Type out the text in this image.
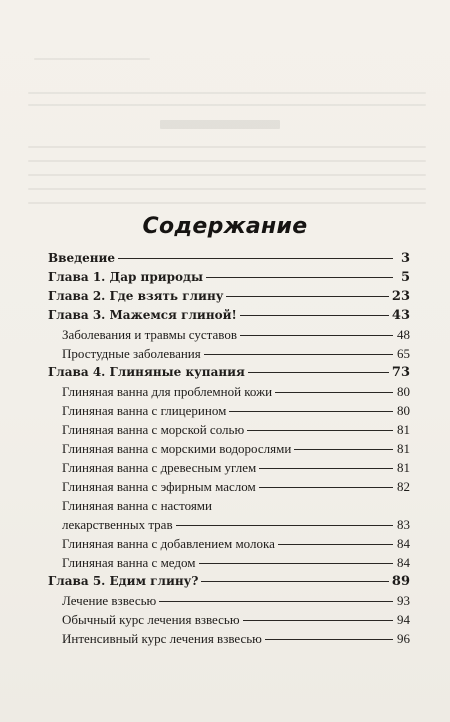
Содержание
Введение	3
Глава 1. Дар природы	5
Глава 2. Где взять глину	23
Глава 3. Мажемся глиной!	43
Заболевания и травмы суставов	48
Простудные заболевания	65
Глава 4. Глиняные купания	73
Глиняная ванна для проблемной кожи	80
Глиняная ванна с глицерином	80
Глиняная ванна с морской солью	81
Глиняная ванна с морскими водорослями	81
Глиняная ванна с древесным углем	81
Глиняная ванна с эфирным маслом	82
Глиняная ванна с настоями
лекарственных трав	83
Глиняная ванна с добавлением молока	84
Глиняная ванна с медом	84
Глава 5. Едим глину?	89
Лечение взвесью	93
Обычный курс лечения взвесью	94
Интенсивный курс лечения взвесью	96
